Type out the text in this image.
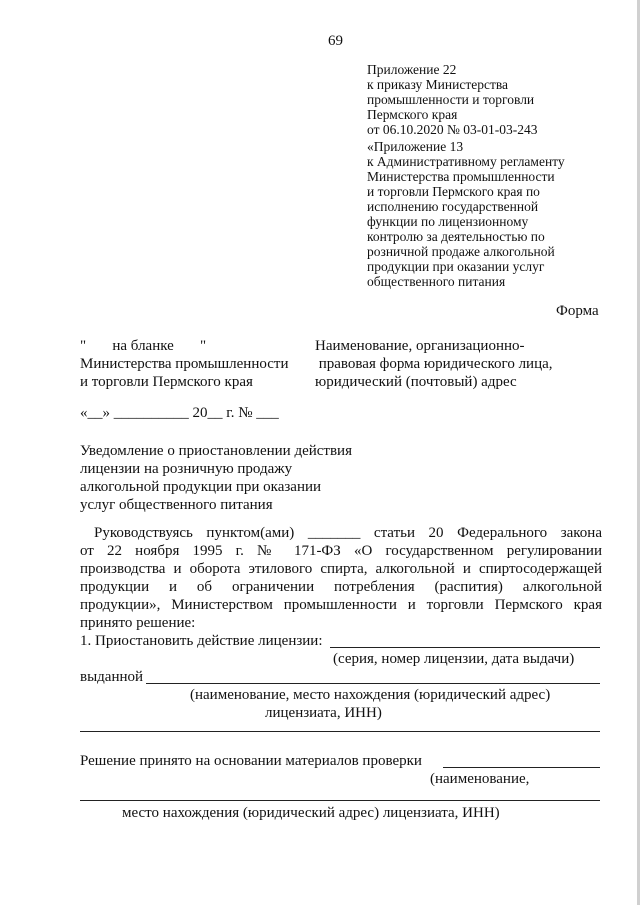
69
Приложение 22
к приказу Министерства
промышленности и торговли
Пермского края
от 06.10.2020 № 03-01-03-243
«Приложение 13
к Административному регламенту
Министерства промышленности
и торговли Пермского края по
исполнению государственной
функции по лицензионному
контролю за деятельностью по
розничной продаже алкогольной
продукции при оказании услуг
общественного питания
Форма
"       на бланке       "
Министерства промышленности
и торговли Пермского края
Наименование, организационно-
правовая форма юридического лица,
юридический (почтовый) адрес
«__» __________ 20__ г. № ___
Уведомление о приостановлении действия
лицензии на розничную продажу
алкогольной продукции при оказании
услуг общественного питания
Руководствуясь пунктом(ами) _______ статьи 20 Федерального закона
от 22 ноября 1995 г. № 171-ФЗ «О государственном регулировании
производства и оборота этилового спирта, алкогольной и спиртосодержащей
продукции и об ограничении потребления (распития) алкогольной
продукции», Министерством промышленности и торговли Пермского края
принято решение:
1. Приостановить действие лицензии:
(серия, номер лицензии, дата выдачи)
выданной
(наименование, место нахождения (юридический адрес)
лицензиата, ИНН)
Решение принято на основании материалов проверки
(наименование,
место нахождения (юридический адрес) лицензиата, ИНН)
